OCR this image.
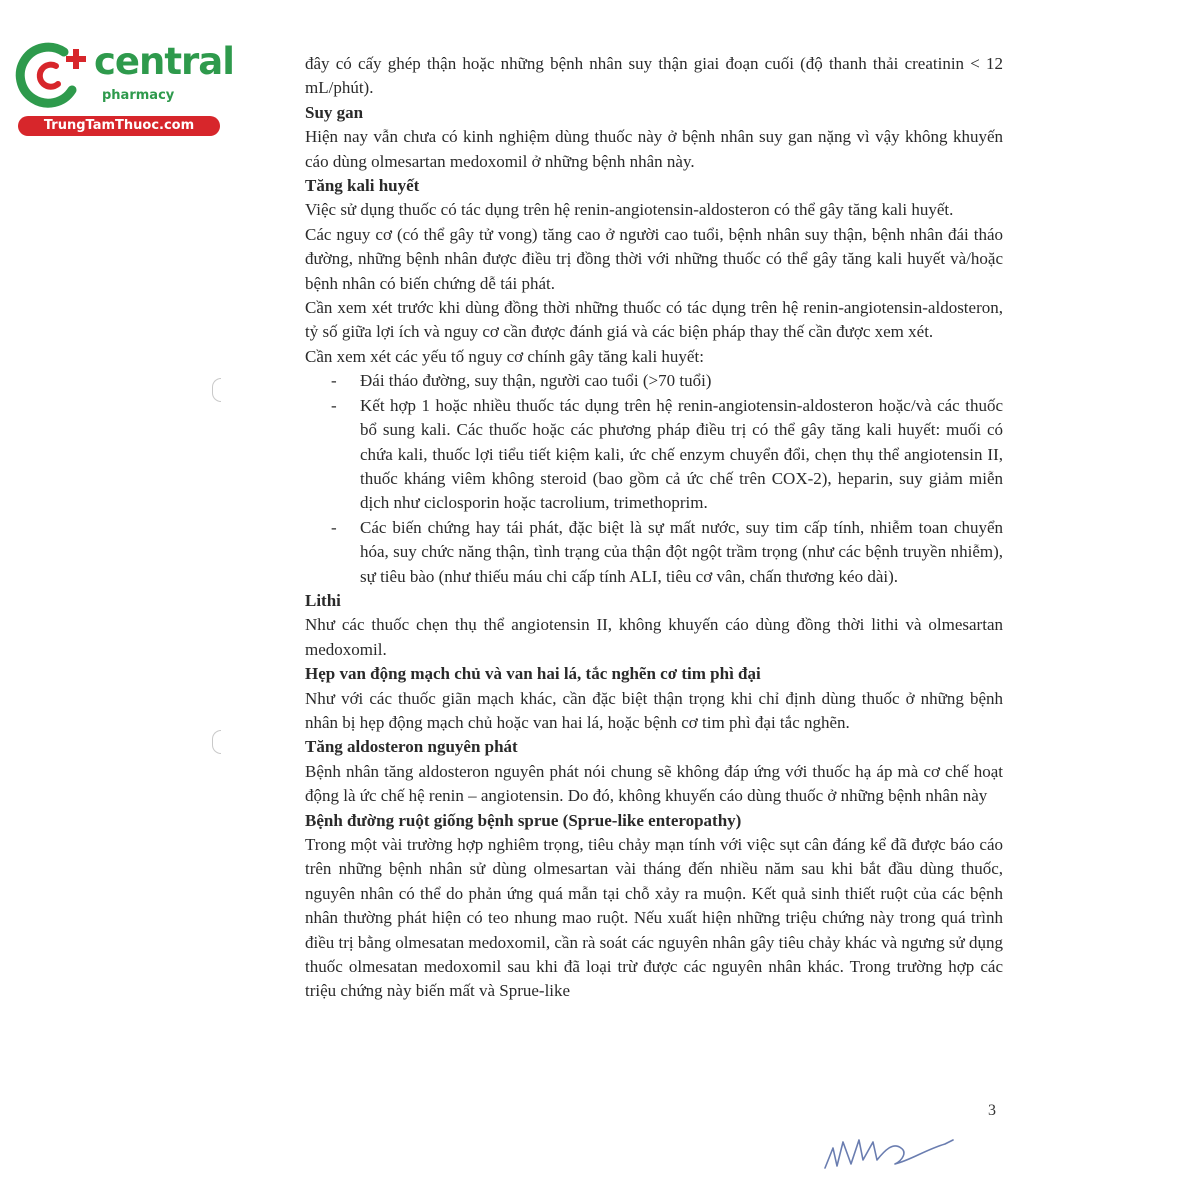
central
pharmacy
TrungTamThuoc.com

đây có cấy ghép thận hoặc những bệnh nhân suy thận giai đoạn cuối (độ thanh thải creatinin < 12 mL/phút).

Suy gan

Hiện nay vẫn chưa có kinh nghiệm dùng thuốc này ở bệnh nhân suy gan nặng vì vậy không khuyến cáo dùng olmesartan medoxomil ở những bệnh nhân này.

Tăng kali huyết

Việc sử dụng thuốc có tác dụng trên hệ renin-angiotensin-aldosteron có thể gây tăng kali huyết.

Các nguy cơ (có thể gây tử vong) tăng cao ở người cao tuổi, bệnh nhân suy thận, bệnh nhân đái tháo đường, những bệnh nhân được điều trị đồng thời với những thuốc có thể gây tăng kali huyết và/hoặc bệnh nhân có biến chứng dễ tái phát.

Cần xem xét trước khi dùng đồng thời những thuốc có tác dụng trên hệ renin-angiotensin-aldosteron, tỷ số giữa lợi ích và nguy cơ cần được đánh giá và các biện pháp thay thế cần được xem xét.

Cần xem xét các yếu tố nguy cơ chính gây tăng kali huyết:

- Đái tháo đường, suy thận, người cao tuổi (>70 tuổi)
- Kết hợp 1 hoặc nhiều thuốc tác dụng trên hệ renin-angiotensin-aldosteron hoặc/và các thuốc bổ sung kali. Các thuốc hoặc các phương pháp điều trị có thể gây tăng kali huyết: muối có chứa kali, thuốc lợi tiểu tiết kiệm kali, ức chế enzym chuyển đổi, chẹn thụ thể angiotensin II, thuốc kháng viêm không steroid (bao gồm cả ức chế trên COX-2), heparin, suy giảm miễn dịch như ciclosporin hoặc tacrolium, trimethoprim.
- Các biến chứng hay tái phát, đặc biệt là sự mất nước, suy tim cấp tính, nhiễm toan chuyển hóa, suy chức năng thận, tình trạng của thận đột ngột trầm trọng (như các bệnh truyền nhiễm), sự tiêu bào (như thiếu máu chi cấp tính ALI, tiêu cơ vân, chấn thương kéo dài).

Lithi

Như các thuốc chẹn thụ thể angiotensin II, không khuyến cáo dùng đồng thời lithi và olmesartan medoxomil.

Hẹp van động mạch chủ và van hai lá, tắc nghẽn cơ tim phì đại

Như với các thuốc giãn mạch khác, cần đặc biệt thận trọng khi chỉ định dùng thuốc ở những bệnh nhân bị hẹp động mạch chủ hoặc van hai lá, hoặc bệnh cơ tim phì đại tắc nghẽn.

Tăng aldosteron nguyên phát

Bệnh nhân tăng aldosteron nguyên phát nói chung sẽ không đáp ứng với thuốc hạ áp mà cơ chế hoạt động là ức chế hệ renin – angiotensin. Do đó, không khuyến cáo dùng thuốc ở những bệnh nhân này

Bệnh đường ruột giống bệnh sprue (Sprue-like enteropathy)

Trong một vài trường hợp nghiêm trọng, tiêu chảy mạn tính với việc sụt cân đáng kể đã được báo cáo trên những bệnh nhân sử dùng olmesartan vài tháng đến nhiều năm sau khi bắt đầu dùng thuốc, nguyên nhân có thể do phản ứng quá mẫn tại chỗ xảy ra muộn. Kết quả sinh thiết ruột của các bệnh nhân thường phát hiện có teo nhung mao ruột. Nếu xuất hiện những triệu chứng này trong quá trình điều trị bằng olmesatan medoxomil, cần rà soát các nguyên nhân gây tiêu chảy khác và ngưng sử dụng thuốc olmesatan medoxomil sau khi đã loại trừ được các nguyên nhân khác. Trong trường hợp các triệu chứng này biến mất và Sprue-like

3
